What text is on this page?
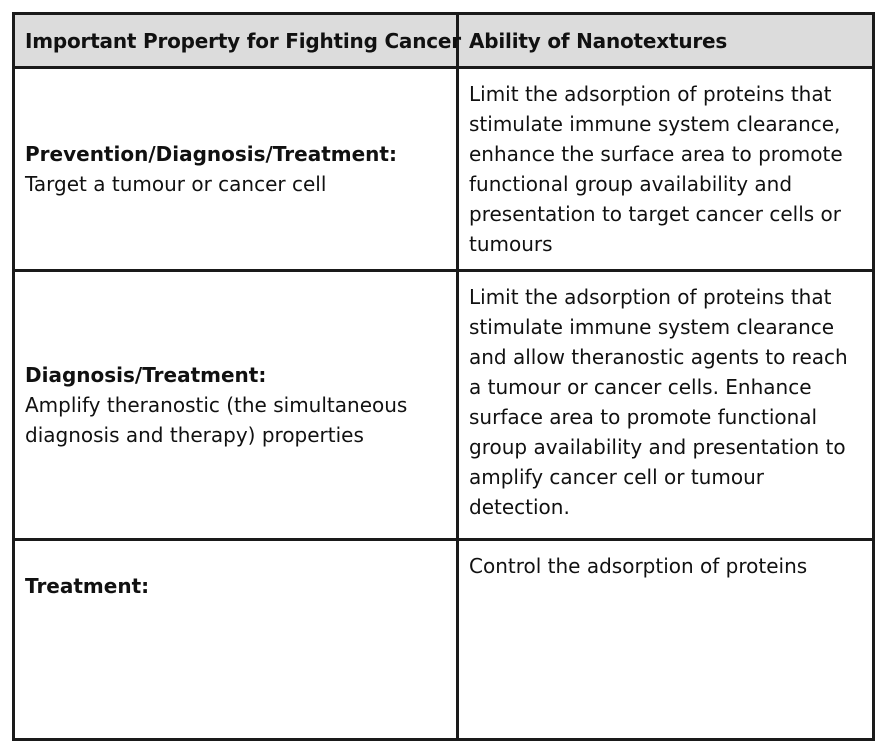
Important Property for Fighting Cancer	Ability of Nanotextures

Prevention/Diagnosis/Treatment:
Target a tumour or cancer cell	Limit the adsorption of proteins that stimulate immune system clearance, enhance the surface area to promote functional group availability and presentation to target cancer cells or tumours

Diagnosis/Treatment:
Amplify theranostic (the simultaneous diagnosis and therapy) properties	Limit the adsorption of proteins that stimulate immune system clearance and allow theranostic agents to reach a tumour or cancer cells. Enhance surface area to promote functional group availability and presentation to amplify cancer cell or tumour detection.

Treatment:	Control the adsorption of proteins
